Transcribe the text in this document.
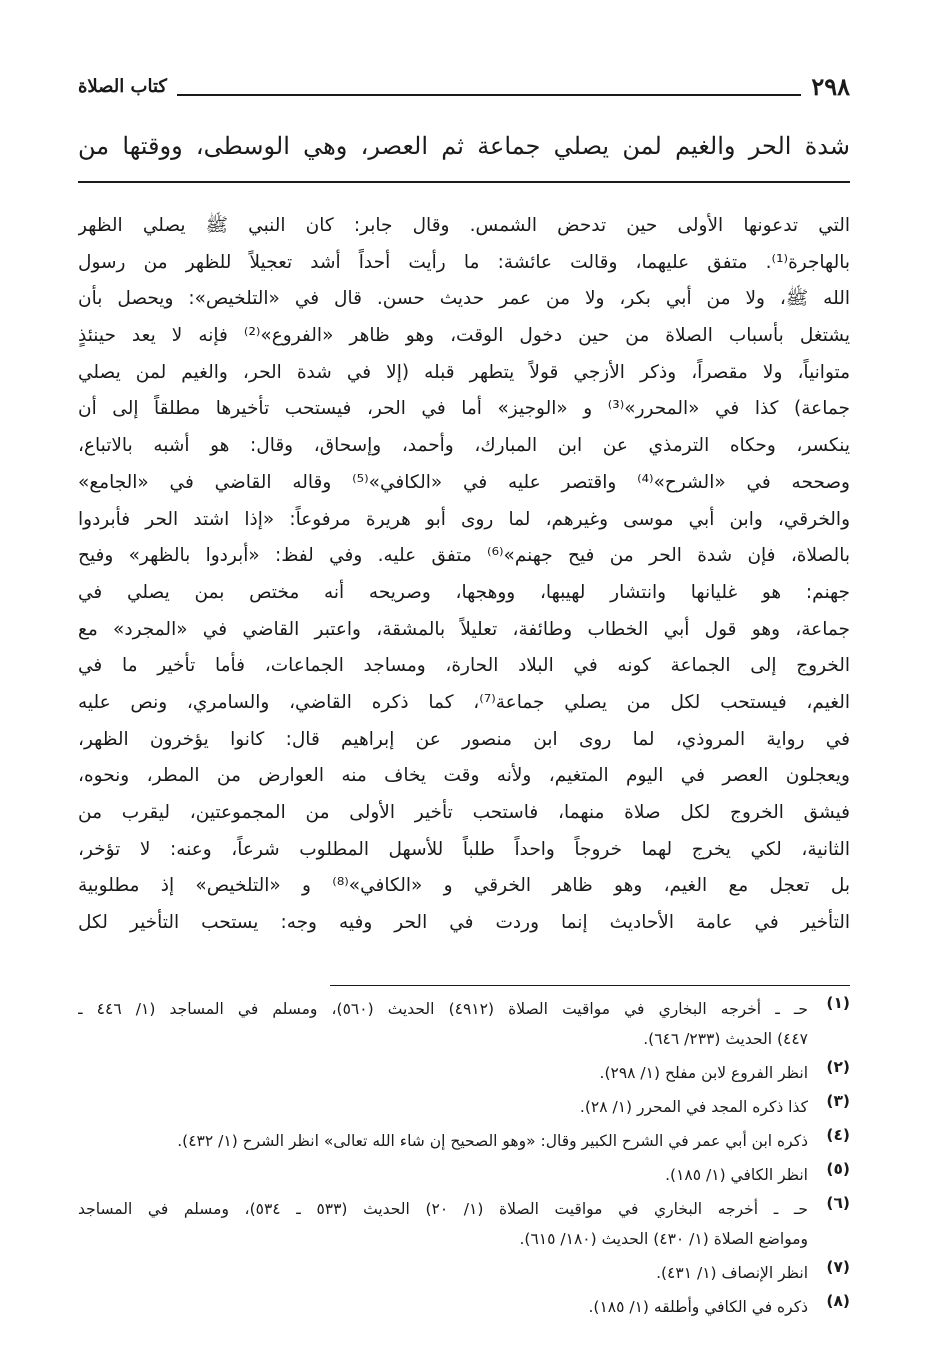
كتاب الصلاة	٢٩٨
شدة الحر والغيم لمن يصلي جماعة ثم العصر، وهي الوسطى، ووقتها من
التي تدعونها الأولى حين تدحض الشمس. وقال جابر: كان النبي ﷺ يصلي الظهر
بالهاجرة⁽¹⁾. متفق عليهما، وقالت عائشة: ما رأيت أحداً أشد تعجيلاً للظهر من رسول
الله ﷺ، ولا من أبي بكر، ولا من عمر حديث حسن. قال في «التلخيص»: ويحصل بأن
يشتغل بأسباب الصلاة من حين دخول الوقت، وهو ظاهر «الفروع»⁽²⁾ فإنه لا يعد حينئذٍ
متوانياً، ولا مقصراً، وذكر الأزجي قولاً يتطهر قبله (إلا في شدة الحر، والغيم لمن يصلي
جماعة) كذا في «المحرر»⁽³⁾ و «الوجيز» أما في الحر، فيستحب تأخيرها مطلقاً إلى أن
ينكسر، وحكاه الترمذي عن ابن المبارك، وأحمد، وإسحاق، وقال: هو أشبه بالاتباع،
وصححه في «الشرح»⁽⁴⁾ واقتصر عليه في «الكافي»⁽⁵⁾ وقاله القاضي في «الجامع»
والخرقي، وابن أبي موسى وغيرهم، لما روى أبو هريرة مرفوعاً: «إذا اشتد الحر فأبردوا
بالصلاة، فإن شدة الحر من فيح جهنم»⁽⁶⁾ متفق عليه. وفي لفظ: «أبردوا بالظهر» وفيح
جهنم: هو غليانها وانتشار لهيبها، ووهجها، وصريحه أنه مختص بمن يصلي في
جماعة، وهو قول أبي الخطاب وطائفة، تعليلاً بالمشقة، واعتبر القاضي في «المجرد» مع
الخروج إلى الجماعة كونه في البلاد الحارة، ومساجد الجماعات، فأما تأخير ما في
الغيم، فيستحب لكل من يصلي جماعة⁽⁷⁾، كما ذكره القاضي، والسامري، ونص عليه
في رواية المروذي، لما روى ابن منصور عن إبراهيم قال: كانوا يؤخرون الظهر،
ويعجلون العصر في اليوم المتغيم، ولأنه وقت يخاف منه العوارض من المطر، ونحوه،
فيشق الخروج لكل صلاة منهما، فاستحب تأخير الأولى من المجموعتين، ليقرب من
الثانية، لكي يخرج لهما خروجاً واحداً طلباً للأسهل المطلوب شرعاً، وعنه: لا تؤخر،
بل تعجل مع الغيم، وهو ظاهر الخرقي و «الكافي»⁽⁸⁾ و «التلخيص» إذ مطلوبية
التأخير في عامة الأحاديث إنما وردت في الحر وفيه وجه: يستحب التأخير لكل
(١)
حـ ـ أخرجه البخاري في مواقيت الصلاة (٤٩١٢) الحديث (٥٦٠)، ومسلم في المساجد (١/ ٤٤٦ ـ
٤٤٧) الحديث (٢٣٣/ ٦٤٦).
(٢)
انظر الفروع لابن مفلح (١/ ٢٩٨).
(٣)
كذا ذكره المجد في المحرر (١/ ٢٨).
(٤)
ذكره ابن أبي عمر في الشرح الكبير وقال: «وهو الصحيح إن شاء الله تعالى» انظر الشرح (١/ ٤٣٢).
(٥)
انظر الكافي (١/ ١٨٥).
(٦)
حـ ـ أخرجه البخاري في مواقيت الصلاة (١/ ٢٠) الحديث (٥٣٣ ـ ٥٣٤)، ومسلم في المساجد
ومواضع الصلاة (١/ ٤٣٠) الحديث (١٨٠/ ٦١٥).
(٧)
انظر الإنصاف (١/ ٤٣١).
(٨)
ذكره في الكافي وأطلقه (١/ ١٨٥).
